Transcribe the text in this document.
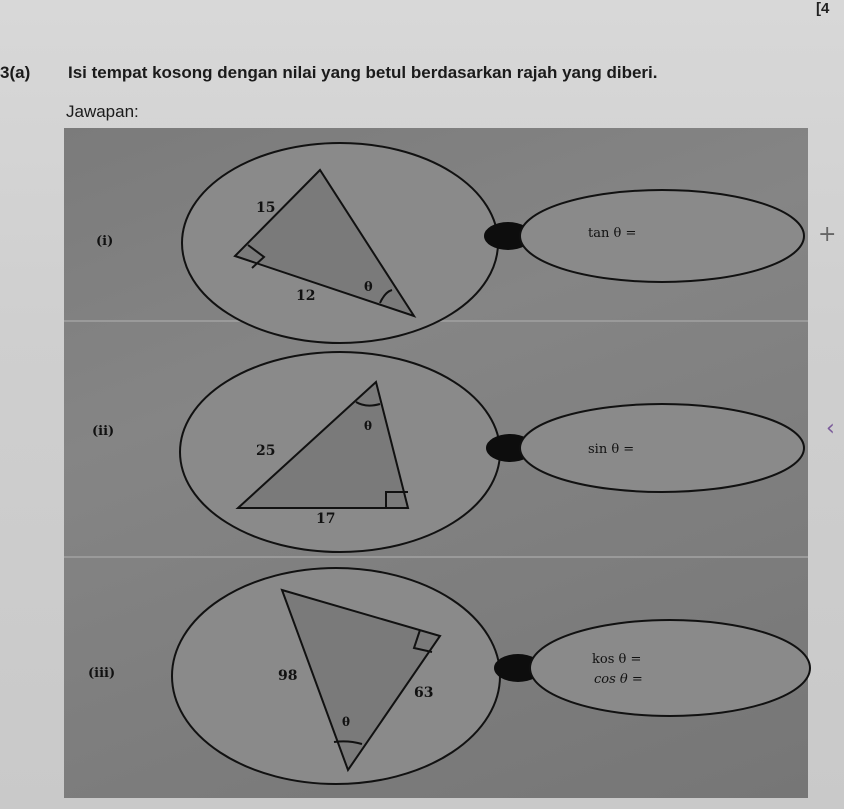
[4
3(a) Isi tempat kosong dengan nilai yang betul berdasarkan rajah yang diberi.
Jawapan:
15
12
θ
25
17
θ
98
63
θ
(i)
(ii)
(iii)
tan θ =
sin θ =
kos θ =
cos θ =
+
‹
